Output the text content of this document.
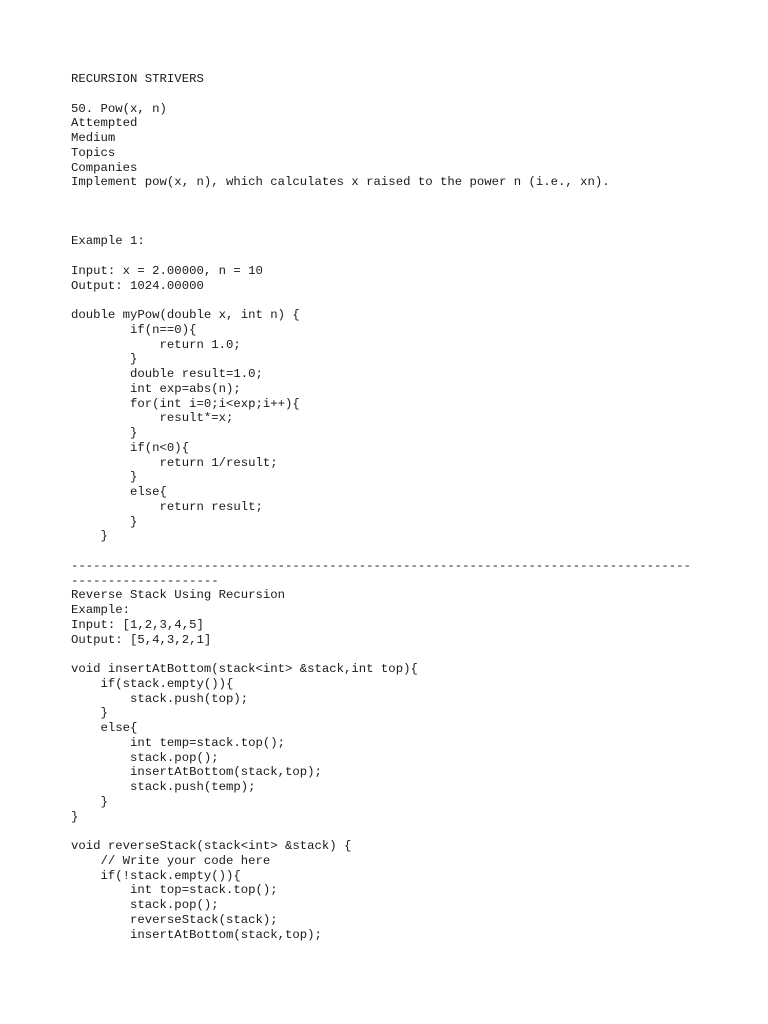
RECURSION STRIVERS
50. Pow(x, n)
Attempted
Medium
Topics
Companies
Implement pow(x, n), which calculates x raised to the power n (i.e., xn).
Example 1:
Input: x = 2.00000, n = 10
Output: 1024.00000
double myPow(double x, int n) {
if(n==0){
return 1.0;
}
double result=1.0;
int exp=abs(n);
for(int i=0;i<exp;i++){
result*=x;
}
if(n<0){
return 1/result;
}
else{
return result;
}
}
------------------------------------------------------------------------------------
--------------------
Reverse Stack Using Recursion
Example:
Input: [1,2,3,4,5]
Output: [5,4,3,2,1]
void insertAtBottom(stack<int> &stack,int top){
if(stack.empty()){
stack.push(top);
}
else{
int temp=stack.top();
stack.pop();
insertAtBottom(stack,top);
stack.push(temp);
}
}
void reverseStack(stack<int> &stack) {
// Write your code here
if(!stack.empty()){
int top=stack.top();
stack.pop();
reverseStack(stack);
insertAtBottom(stack,top);
